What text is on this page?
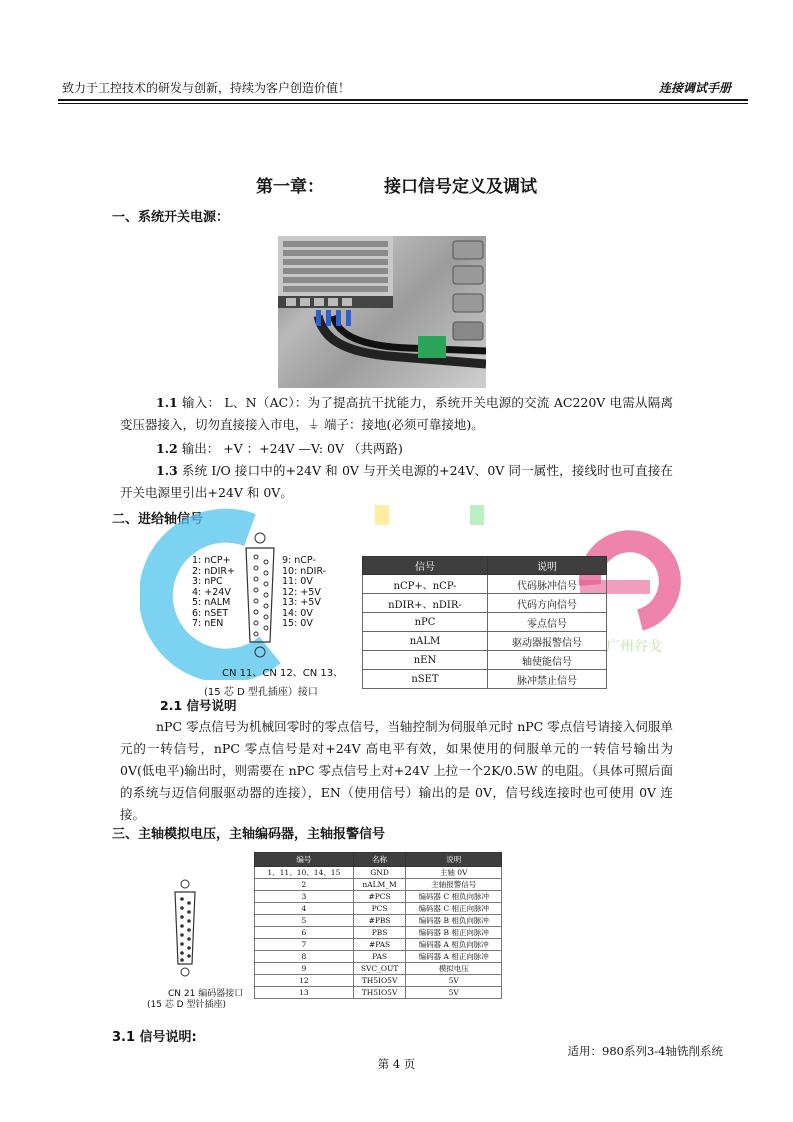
致力于工控技术的研发与创新，持续为客户创造价值！	连接调试手册
第一章：	接口信号定义及调试
一、系统开关电源：
1.1 输入： L、N（AC）：为了提高抗干扰能力，系统开关电源的交流 AC220V 电需从隔离变压器接入，切勿直接接入市电，⏚ 端子：接地(必须可靠接地)。
1.2 输出： +V ：+24V —V: 0V （共两路)
1.3 系统 I/O 接口中的+24V 和 0V 与开关电源的+24V、0V 同一属性，接线时也可直接在开关电源里引出+24V 和 0V。
二、进给轴信号
广州谷戈
1: nCP+
2: nDIR+
3: nPC
4: +24V
5: nALM
6: nSET
7: nEN
9: nCP-
10: nDIR-
11: 0V
12: +5V
13: +5V
14: 0V
15: 0V
CN 11、CN 12、CN 13、
(15 芯 D 型孔插座）接口
信号	说明
nCP+、nCP-	代码脉冲信号
nDIR+、nDIR-	代码方向信号
nPC	零点信号
nALM	驱动器报警信号
nEN	轴使能信号
nSET	脉冲禁止信号
2.1 信号说明
nPC 零点信号为机械回零时的零点信号，当轴控制为伺服单元时 nPC 零点信号请接入伺服单元的一转信号，nPC 零点信号是对+24V 高电平有效，如果使用的伺服单元的一转信号输出为 0V(低电平)输出时，则需要在 nPC 零点信号上对+24V 上拉一个2K/0.5W 的电阻。（具体可照后面的系统与迈信伺服驱动器的连接），EN（使用信号）输出的是 0V，信号线连接时也可使用 0V 连接。
三、主轴模拟电压，主轴编码器，主轴报警信号
CN 21 编码器接口
(15 芯 D 型针插座)
编号	名称	说明
1、11、10、14、15	GND	主轴 0V
2	nALM_M	主轴报警信号
3	#PCS	编码器 C 相负向脉冲
4	PCS	编码器 C 相正向脉冲
5	#PBS	编码器 B 相负向脉冲
6	PBS	编码器 B 相正向脉冲
7	#PAS	编码器 A 相负向脉冲
8	PAS	编码器 A 相正向脉冲
9	SVC_OUT	模拟电压
12	TH5IO5V	5V
13	TH5IO5V	5V
3.1 信号说明:
适用：980系列3-4轴铣削系统
第 4 页
